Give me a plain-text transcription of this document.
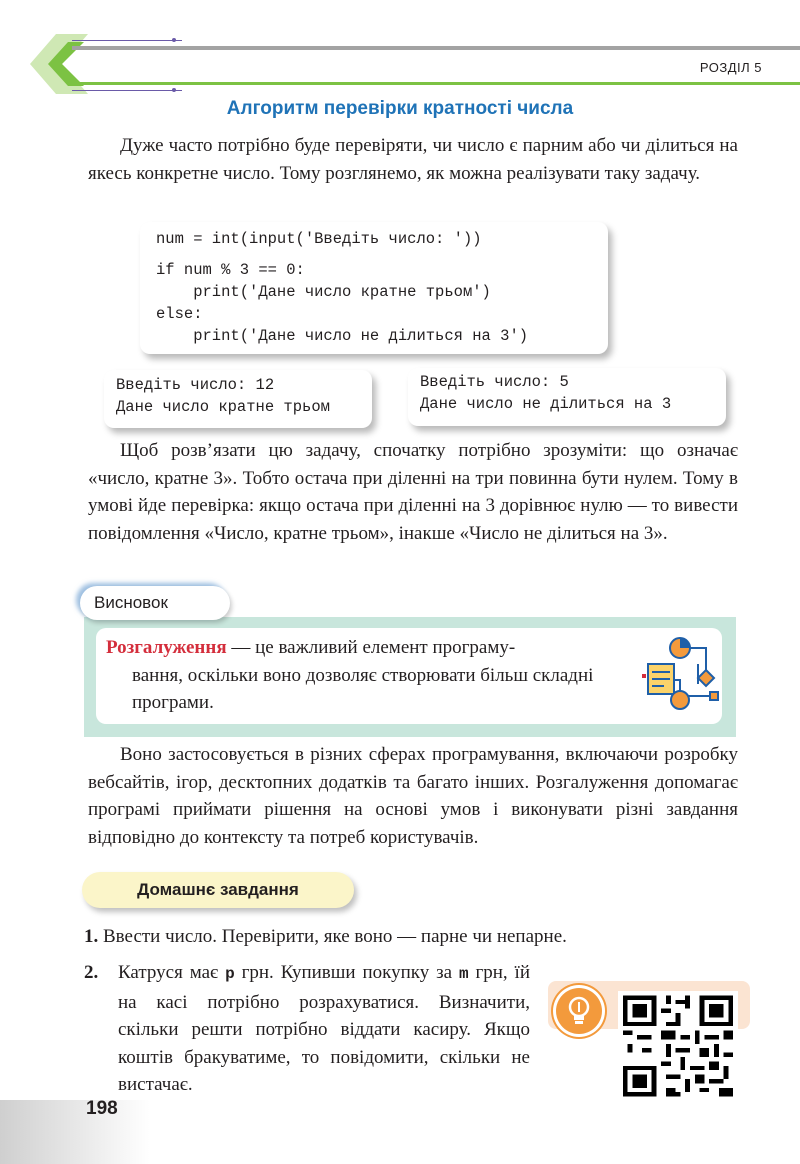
РОЗДІЛ 5
Алгоритм перевірки кратності числа

Дуже часто потрібно буде перевіряти, чи число є парним або чи ділиться на якесь конкретне число. Тому розглянемо, як можна реалізувати таку задачу.

num = int(input('Введіть число: '))
if num % 3 == 0:
print('Дане число кратне трьом')
else:
print('Дане число не ділиться на 3')
Введіть число: 12
Дане число кратне трьом
Введіть число: 5
Дане число не ділиться на 3

Щоб розв’язати цю задачу, спочатку потрібно зрозуміти: що означає «число, кратне 3». Тобто остача при діленні на три повинна бути нулем. Тому в умові йде перевірка: якщо остача при діленні на 3 дорівнює нулю — то вивести повідомлення «Число, кратне трьом», інакше «Число не ділиться на 3».

Висновок

Розгалуження — це важливий елемент програму-
вання, оскільки воно дозволяє створювати більш складні програми.

Воно застосовується в різних сферах програмування, включаючи розробку вебсайтів, ігор, десктопних додатків та багато інших. Розгалуження допомагає програмі приймати рішення на основі умов і виконувати різні завдання відповідно до контексту та потреб користувачів.

Домашнє завдання

1. Ввести число. Перевірити, яке воно — парне чи непарне.

2. Катруся має p грн. Купивши покупку за m грн, їй на касі потрібно розрахуватися. Визначити, скільки решти потрібно віддати касиру. Якщо коштів бракуватиме, то повідомити, скільки не вистачає.

198
